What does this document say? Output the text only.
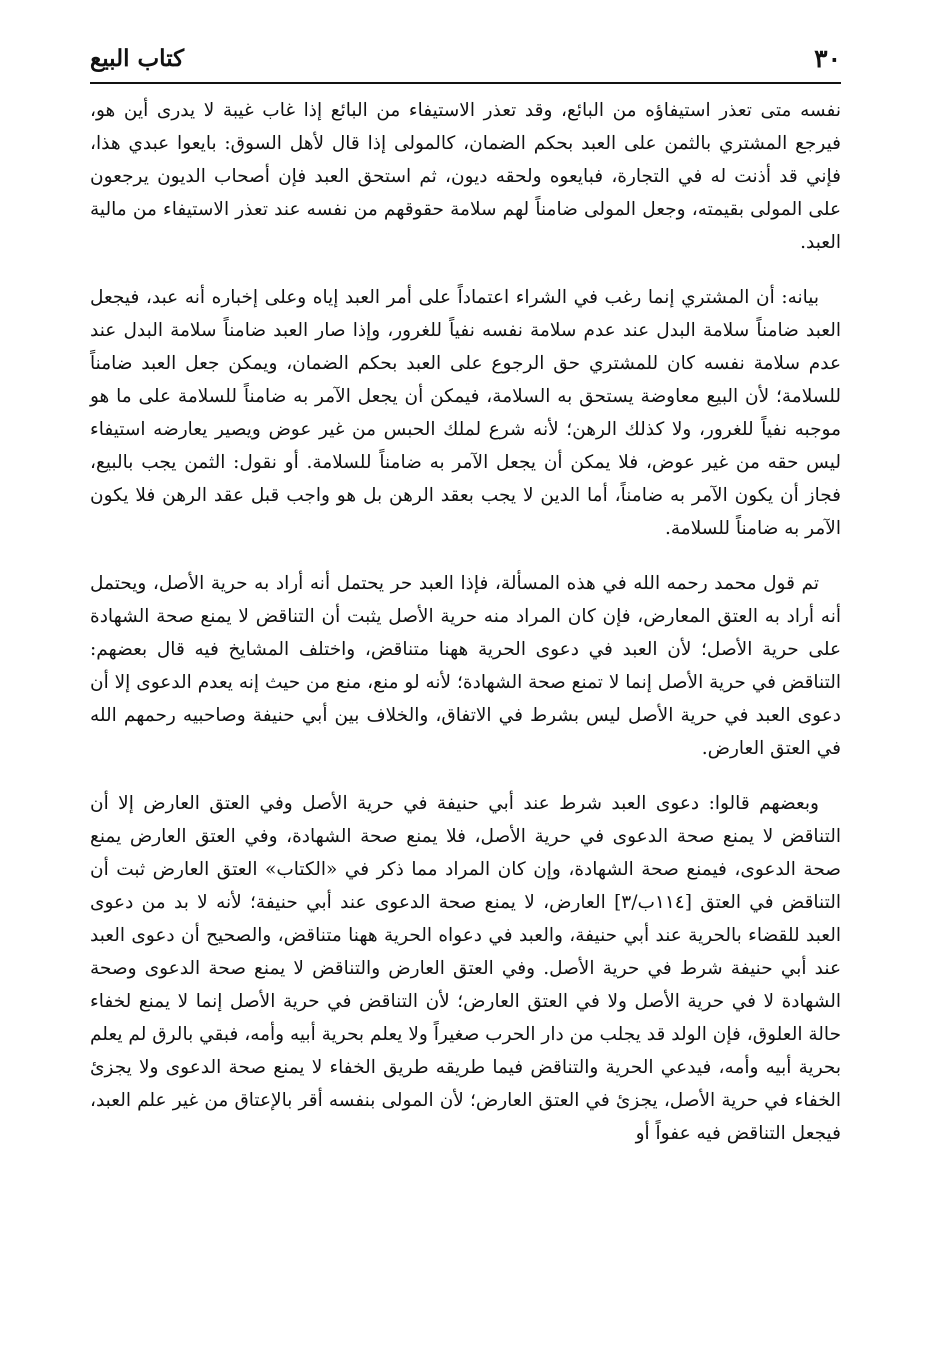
٣٠
كتاب البيع

نفسه متى تعذر استيفاؤه من البائع، وقد تعذر الاستيفاء من البائع إذا غاب غيبة لا يدرى أين هو، فيرجع المشتري بالثمن على العبد بحكم الضمان، كالمولى إذا قال لأهل السوق: بايعوا عبدي هذا، فإني قد أذنت له في التجارة، فبايعوه ولحقه ديون، ثم استحق العبد فإن أصحاب الديون يرجعون على المولى بقيمته، وجعل المولى ضامناً لهم سلامة حقوقهم من نفسه عند تعذر الاستيفاء من مالية العبد.

بيانه: أن المشتري إنما رغب في الشراء اعتماداً على أمر العبد إياه وعلى إخباره أنه عبد، فيجعل العبد ضامناً سلامة البدل عند عدم سلامة نفسه نفياً للغرور، وإذا صار العبد ضامناً سلامة البدل عند عدم سلامة نفسه كان للمشتري حق الرجوع على العبد بحكم الضمان، ويمكن جعل العبد ضامناً للسلامة؛ لأن البيع معاوضة يستحق به السلامة، فيمكن أن يجعل الآمر به ضامناً للسلامة على ما هو موجبه نفياً للغرور، ولا كذلك الرهن؛ لأنه شرع لملك الحبس من غير عوض ويصير يعارضه استيفاء ليس حقه من غير عوض، فلا يمكن أن يجعل الآمر به ضامناً للسلامة. أو نقول: الثمن يجب بالبيع، فجاز أن يكون الآمر به ضامناً، أما الدين لا يجب بعقد الرهن بل هو واجب قبل عقد الرهن فلا يكون الآمر به ضامناً للسلامة.

تم قول محمد رحمه الله في هذه المسألة، فإذا العبد حر يحتمل أنه أراد به حرية الأصل، ويحتمل أنه أراد به العتق المعارض، فإن كان المراد منه حرية الأصل يثبت أن التناقض لا يمنع صحة الشهادة على حرية الأصل؛ لأن العبد في دعوى الحرية ههنا متناقض، واختلف المشايخ فيه قال بعضهم: التناقض في حرية الأصل إنما لا تمنع صحة الشهادة؛ لأنه لو منع، منع من حيث إنه يعدم الدعوى إلا أن دعوى العبد في حرية الأصل ليس بشرط في الاتفاق، والخلاف بين أبي حنيفة وصاحبيه رحمهم الله في العتق العارض.

وبعضهم قالوا: دعوى العبد شرط عند أبي حنيفة في حرية الأصل وفي العتق العارض إلا أن التناقض لا يمنع صحة الدعوى في حرية الأصل، فلا يمنع صحة الشهادة، وفي العتق العارض يمنع صحة الدعوى، فيمنع صحة الشهادة، وإن كان المراد مما ذكر في «الكتاب» العتق العارض ثبت أن التناقض في العتق [١١٤ب/٣] العارض، لا يمنع صحة الدعوى عند أبي حنيفة؛ لأنه لا بد من دعوى العبد للقضاء بالحرية عند أبي حنيفة، والعبد في دعواه الحرية ههنا متناقض، والصحيح أن دعوى العبد عند أبي حنيفة شرط في حرية الأصل. وفي العتق العارض والتناقض لا يمنع صحة الدعوى وصحة الشهادة لا في حرية الأصل ولا في العتق العارض؛ لأن التناقض في حرية الأصل إنما لا يمنع لخفاء حالة العلوق، فإن الولد قد يجلب من دار الحرب صغيراً ولا يعلم بحرية أبيه وأمه، فبقي بالرق لم يعلم بحرية أبيه وأمه، فيدعي الحرية والتناقض فيما طريقه طريق الخفاء لا يمنع صحة الدعوى ولا يجزئ الخفاء في حرية الأصل، يجزئ في العتق العارض؛ لأن المولى بنفسه أقر بالإعتاق من غير علم العبد، فيجعل التناقض فيه عفواً أو
